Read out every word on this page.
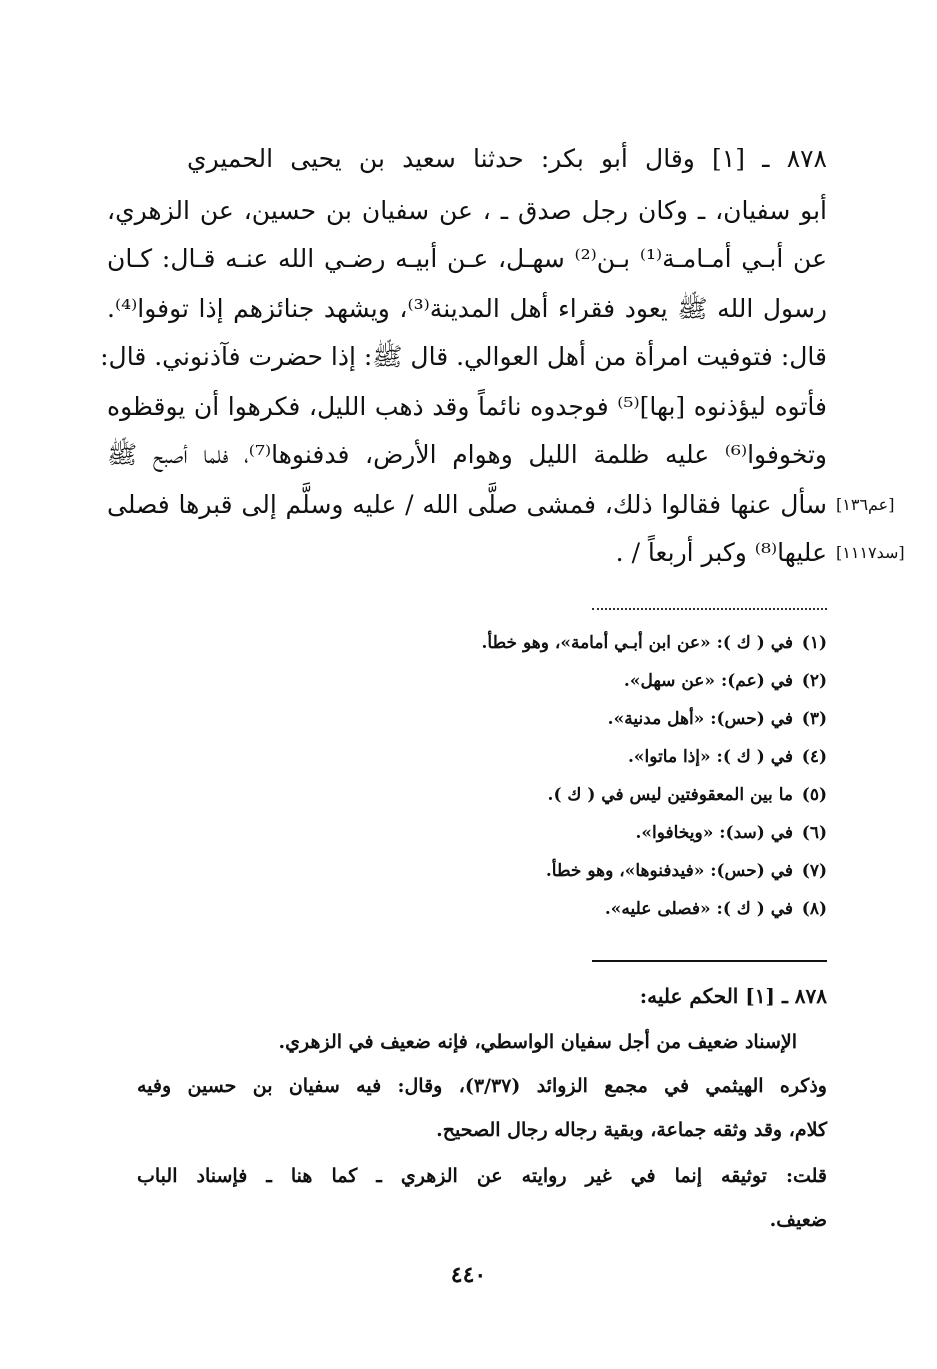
٨٧٨ ـ [١] وقال أبو بكر: حدثنا سعيد بن يحيى الحميري
أبو سفيان، ـ وكان رجل صدق ـ ، عن سفيان بن حسين، عن الزهري،
عن أبـي أمـامـة⁽¹⁾ بـن⁽²⁾ سهـل، عـن أبيـه رضـي الله عنـه قـال: كـان
رسول الله ﷺ يعود فقراء أهل المدينة⁽³⁾، ويشهد جنائزهم إذا توفوا⁽⁴⁾.
قال: فتوفيت امرأة من أهل العوالي. قال ﷺ: إذا حضرت فآذنوني. قال:
فأتوه ليؤذنوه [بها]⁽⁵⁾ فوجدوه نائماً وقد ذهب الليل، فكرهوا أن يوقظوه
وتخوفوا⁽⁶⁾ عليه ظلمة الليل وهوام الأرض، فدفنوها⁽⁷⁾، فلما أصبح ﷺ
سأل عنها فقالوا ذلك، فمشى صلَّى الله / عليه وسلَّم إلى قبرها فصلى
عليها⁽⁸⁾ وكبر أربعاً / .
[عم١٣٦]
[سد١١١٧]
(١)في ( ك ): «عن ابن أبـي أمامة»، وهو خطأ.
(٢)في (عم): «عن سهل».
(٣)في (حس): «أهل مدنية».
(٤)في ( ك ): «إذا ماتوا».
(٥)ما بين المعقوفتين ليس في ( ك ).
(٦)في (سد): «ويخافوا».
(٧)في (حس): «فيدفنوها»، وهو خطأ.
(٨)في ( ك ): «فصلى عليه».
٨٧٨ ـ [١] الحكم عليه:
الإسناد ضعيف من أجل سفيان الواسطي، فإنه ضعيف في الزهري.
وذكره الهيثمي في مجمع الزوائد (٣/٣٧)، وقال: فيه سفيان بن حسين وفيه
كلام، وقد وثقه جماعة، وبقية رجاله رجال الصحيح.
قلت: توثيقه إنما في غير روايته عن الزهري ـ كما هنا ـ فإسناد الباب
ضعيف.
٤٤٠
